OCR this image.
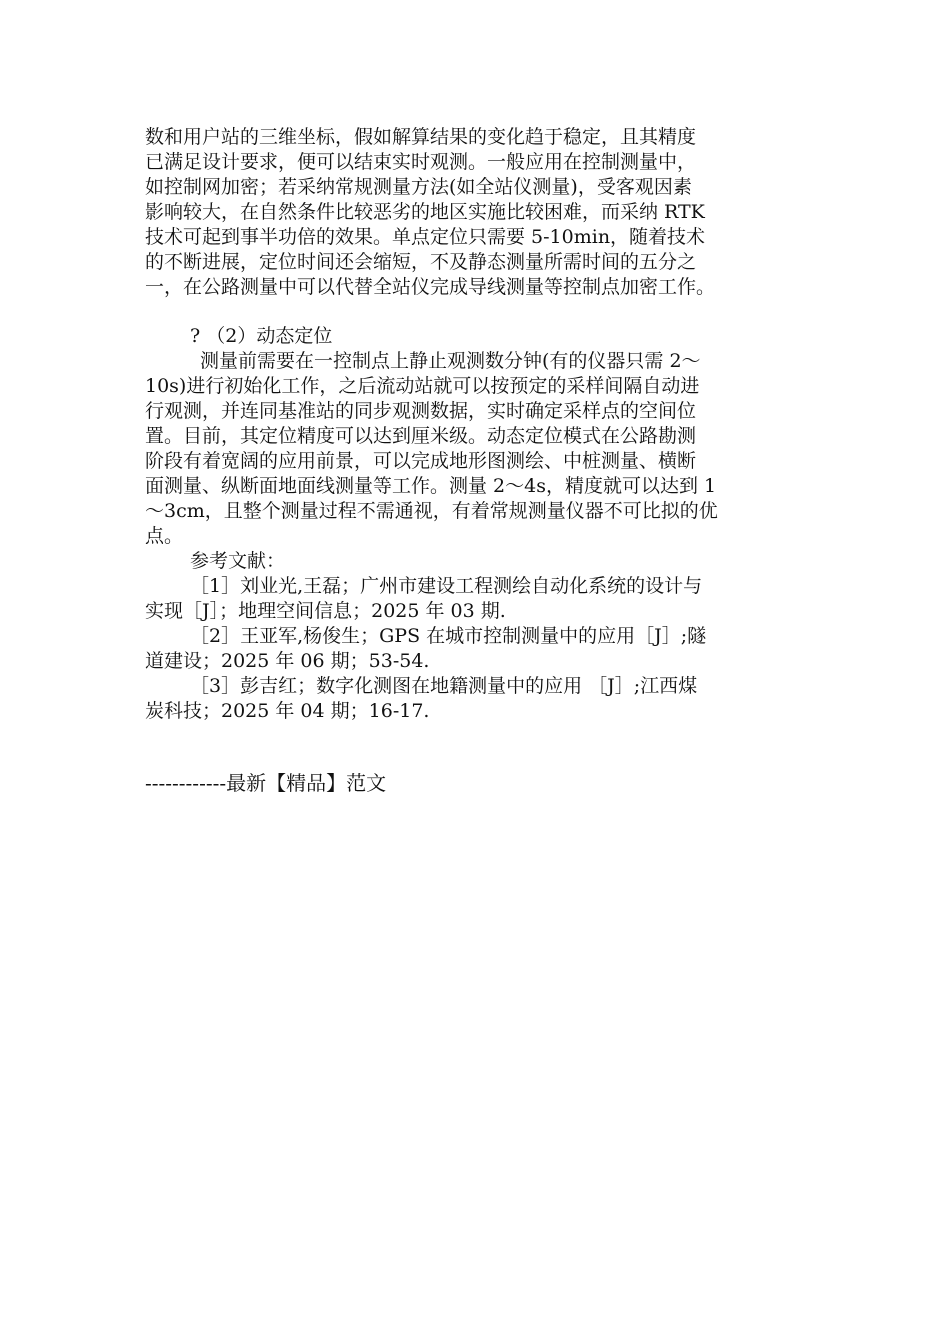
数和用户站的三维坐标，假如解算结果的变化趋于稳定，且其精度
已满足设计要求，便可以结束实时观测。一般应用在控制测量中，
如控制网加密；若采纳常规测量方法(如全站仪测量)，受客观因素
影响较大，在自然条件比较恶劣的地区实施比较困难，而采纳 RTK
技术可起到事半功倍的效果。单点定位只需要 5-10min，随着技术
的不断进展，定位时间还会缩短，不及静态测量所需时间的五分之
一，在公路测量中可以代替全站仪完成导线测量等控制点加密工作。
? （2）动态定位
测量前需要在一控制点上静止观测数分钟(有的仪器只需 2～
10s)进行初始化工作，之后流动站就可以按预定的采样间隔自动进
行观测，并连同基准站的同步观测数据，实时确定采样点的空间位
置。目前，其定位精度可以达到厘米级。动态定位模式在公路勘测
阶段有着宽阔的应用前景，可以完成地形图测绘、中桩测量、横断
面测量、纵断面地面线测量等工作。测量 2～4s，精度就可以达到 1
～3cm，且整个测量过程不需通视，有着常规测量仪器不可比拟的优
点。
参考文献：
［1］刘业光,王磊；广州市建设工程测绘自动化系统的设计与
实现［J］；地理空间信息；2025 年 03 期.
［2］王亚军,杨俊生；GPS 在城市控制测量中的应用［J］;隧
道建设；2025 年 06 期；53-54.
［3］彭吉红；数字化测图在地籍测量中的应用 ［J］;江西煤
炭科技；2025 年 04 期；16-17.
------------最新【精品】范文
